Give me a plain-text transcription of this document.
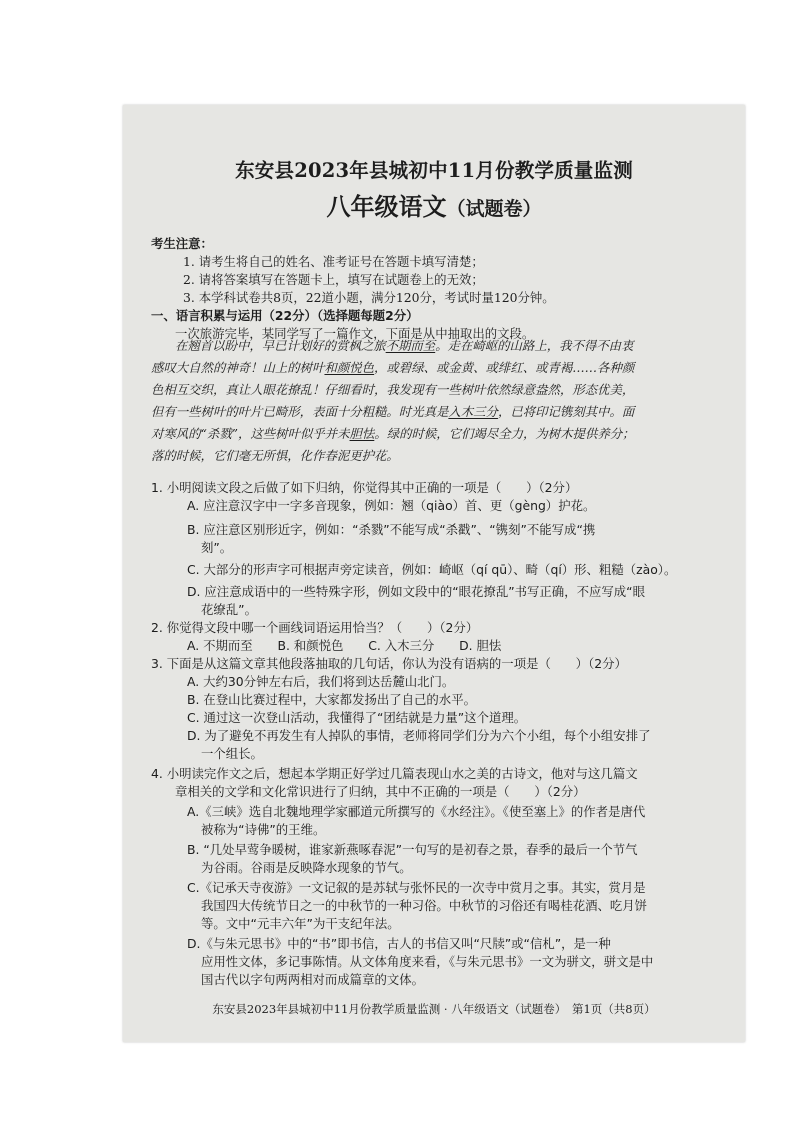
东安县2023年县城初中11月份教学质量监测
八年级语文（试题卷）
考生注意：
1. 请考生将自己的姓名、准考证号在答题卡填写清楚；
2. 请将答案填写在答题卡上，填写在试题卷上的无效；
3. 本学科试卷共8页，22道小题，满分120分，考试时量120分钟。
一、语言积累与运用（22分）（选择题每题2分）
一次旅游完毕，某同学写了一篇作文，下面是从中抽取出的文段。
在翘首以盼中，早已计划好的赏枫之旅不期而至。走在崎岖的山路上，我不得不由衷
感叹大自然的神奇！山上的树叶和颜悦色，或碧绿、或金黄、或绯红、或青褐……各种颜
色相互交织，真让人眼花撩乱！仔细看时，我发现有一些树叶依然绿意盎然，形态优美，
但有一些树叶的叶片已畸形，表面十分粗糙。时光真是入木三分，已将印记镌刻其中。面
对寒风的“杀戮”，这些树叶似乎并未胆怯。绿的时候，它们竭尽全力，为树木提供养分；
落的时候，它们毫无所惧，化作春泥更护花。
1. 小明阅读文段之后做了如下归纳，你觉得其中正确的一项是（　　）（2分）
A. 应注意汉字中一字多音现象，例如：翘（qiào）首、更（gèng）护花。
B. 应注意区别形近字，例如：“杀戮”不能写成“杀戳”、“镌刻”不能写成“携
刻”。
C. 大部分的形声字可根据声旁定读音，例如：崎岖（qí qū）、畸（qí）形、粗糙（zào）。
D. 应注意成语中的一些特殊字形，例如文段中的“眼花撩乱”书写正确，不应写成“眼
花缭乱”。
2. 你觉得文段中哪一个画线词语运用恰当？（　　）（2分）
A. 不期而至　　B. 和颜悦色　　C. 入木三分　　D. 胆怯
3. 下面是从这篇文章其他段落抽取的几句话，你认为没有语病的一项是（　　）（2分）
A. 大约30分钟左右后，我们将到达岳麓山北门。
B. 在登山比赛过程中，大家都发扬出了自己的水平。
C. 通过这一次登山活动，我懂得了“团结就是力量”这个道理。
D. 为了避免不再发生有人掉队的事情，老师将同学们分为六个小组，每个小组安排了
一个组长。
4. 小明读完作文之后，想起本学期正好学过几篇表现山水之美的古诗文，他对与这几篇文
章相关的文学和文化常识进行了归纳，其中不正确的一项是（　　）（2分）
A.《三峡》选自北魏地理学家郦道元所撰写的《水经注》。《使至塞上》的作者是唐代
被称为“诗佛”的王维。
B. “几处早莺争暖树，谁家新燕啄春泥”一句写的是初春之景，春季的最后一个节气
为谷雨。谷雨是反映降水现象的节气。
C.《记承天寺夜游》一文记叙的是苏轼与张怀民的一次寺中赏月之事。其实，赏月是
我国四大传统节日之一的中秋节的一种习俗。中秋节的习俗还有喝桂花酒、吃月饼
等。文中“元丰六年”为干支纪年法。
D.《与朱元思书》中的“书”即书信，古人的书信又叫“尺牍”或“信札”，是一种
应用性文体，多记事陈情。从文体角度来看，《与朱元思书》一文为骈文，骈文是中
国古代以字句两两相对而成篇章的文体。
东安县2023年县城初中11月份教学质量监测 · 八年级语文（试题卷）　第1页（共8页）
